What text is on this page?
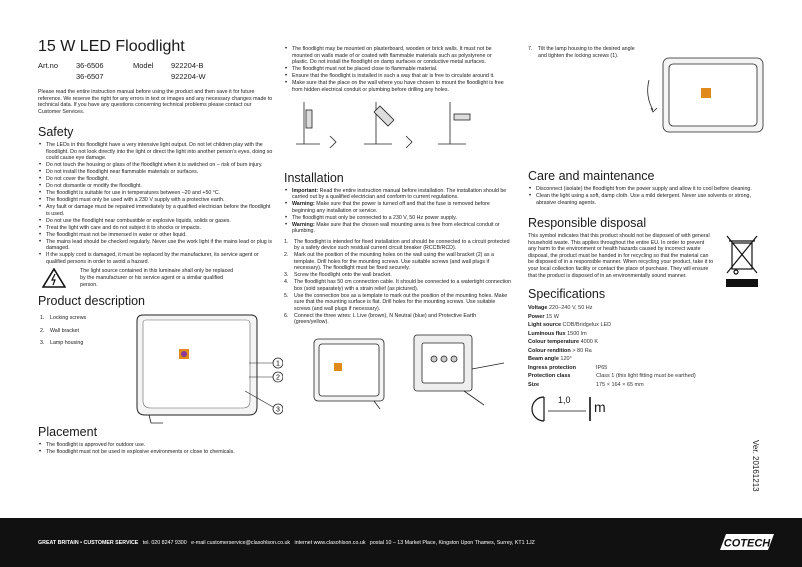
15 W LED Floodlight
Art.no	36-6506	Model	922204-B
36-6507	922204-W

Please read the entire instruction manual before using the product and then save it for future reference. We reserve the right for any errors in text or images and any necessary changes made to technical data. If you have any questions concerning technical problems please contact our Customer Services.

Safety
• The LEDs in this floodlight have a very intensive light output. Do not let children play with the floodlight. Do not look directly into the light or direct the light into another person’s eyes, doing so could cause eye damage.
• Do not touch the housing or glass of the floodlight when it is switched on – risk of burn injury.
• Do not install the floodlight near flammable materials or surfaces.
• Do not cover the floodlight.
• Do not dismantle or modify the floodlight.
• The floodlight is suitable for use in temperatures between –20 and +50 °C.
• The floodlight must only be used with a 230 V supply with a protective earth.
• Any fault or damage must be repaired immediately by a qualified electrician before the floodlight is used.
• Do not use the floodlight near combustible or explosive liquids, solids or gases.
• Treat the light with care and do not subject it to shocks or impacts.
• The floodlight must not be immersed in water or other liquid.
• The mains lead should be checked regularly. Never use the work light if the mains lead or plug is damaged.
• If the supply cord is damaged, it must be replaced by the manufacturer, its service agent or qualified persons in order to avoid a hazard.

The light source contained in this luminaire shall only be replaced by the manufacturer or his service agent or a similar qualified person.

Product description
1. Locking screws
2. Wall bracket
3. Lamp housing
1
2
3
Placement
• The floodlight is approved for outdoor use.
• The floodlight must not be used in explosive environments or close to chemicals.
• The floodlight may be mounted on plasterboard, wooden or brick walls. It must not be mounted on walls made of or coated with flammable materials such as polystyrene or plastic. Do not install the floodlight on damp surfaces or conductive metal surfaces.
• The floodlight must not be placed close to flammable material.
• Ensure that the floodlight is installed in such a way that air is free to circulate around it.
• Make sure that the place on the wall where you have chosen to mount the floodlight is free from hidden electrical conduit or plumbing before drilling any holes.
Installation
• Important: Read the entire instruction manual before installation. The installation should be carried out by a qualified electrician and conform to current regulations.
• Warning: Make sure that the power is turned off and that the fuse is removed before beginning any installation or service.
• The floodlight must only be connected to a 230 V, 50 Hz power supply.
• Warning: Make sure that the chosen wall mounting area is free from electrical conduit or plumbing.
1. The floodlight is intended for fixed installation and should be connected to a circuit protected by a safety device such residual current circuit breaker (RCCB/RCD).
2. Mark out the position of the mounting holes on the wall using the wall bracket (2) as a template. Drill holes for the mounting screws. Use suitable screws (and wall plugs if necessary). The floodlight must be fixed securely.
3. Screw the floodlight onto the wall bracket.
4. The floodlight has 50 cm connection cable. It should be connected to a watertight connection box (sold separately) with a strain relief (as pictured).
5. Use the connection box as a template to mark out the position of the mounting holes. Make sure that the mounting surface is flat. Drill holes for the mounting screws. Use suitable screws (and wall plugs if necessary).
6. Connect the three wires: L Live (brown), N Neutral (blue) and Protective Earth (green/yellow).
7. Tilt the lamp housing to the desired angle and tighten the locking screws (1).
Care and maintenance
• Disconnect (isolate) the floodlight from the power supply and allow it to cool before cleaning.
• Clean the light using a soft, damp cloth. Use a mild detergent. Never use solvents or strong, abrasive cleaning agents.
Responsible disposal

This symbol indicates that this product should not be disposed of with general household waste. This applies throughout the entire EU. In order to prevent any harm to the environment or health hazards caused by incorrect waste disposal, the product must be handed in for recycling so that the material can be disposed of in a responsible manner. When recycling your product, take it to your local collection facility or contact the place of purchase. They will ensure that the product is disposed of in an environmentally sound manner.

Specifications
Voltage 220–240 V, 50 Hz
Power 15 W
Light source COB/Bridgelux LED
Luminous flux 1500 lm
Colour temperature 4000 K
Colour rendition > 80 Ra
Beam angle 120°
Ingress protection	IP65
Protection class	Class 1 (this light fitting must be earthed)
Size	175 × 164 × 65 mm
1,0 m
Ver. 20161213
GREAT BRITAIN • CUSTOMER SERVICE tel. 020 8247 9300 e-mail customerservice@clasohlson.co.uk internet www.clasohlson.co.uk postal 10 – 13 Market Place, Kingston Upon Thames, Surrey, KT1 1JZ	COTECH
